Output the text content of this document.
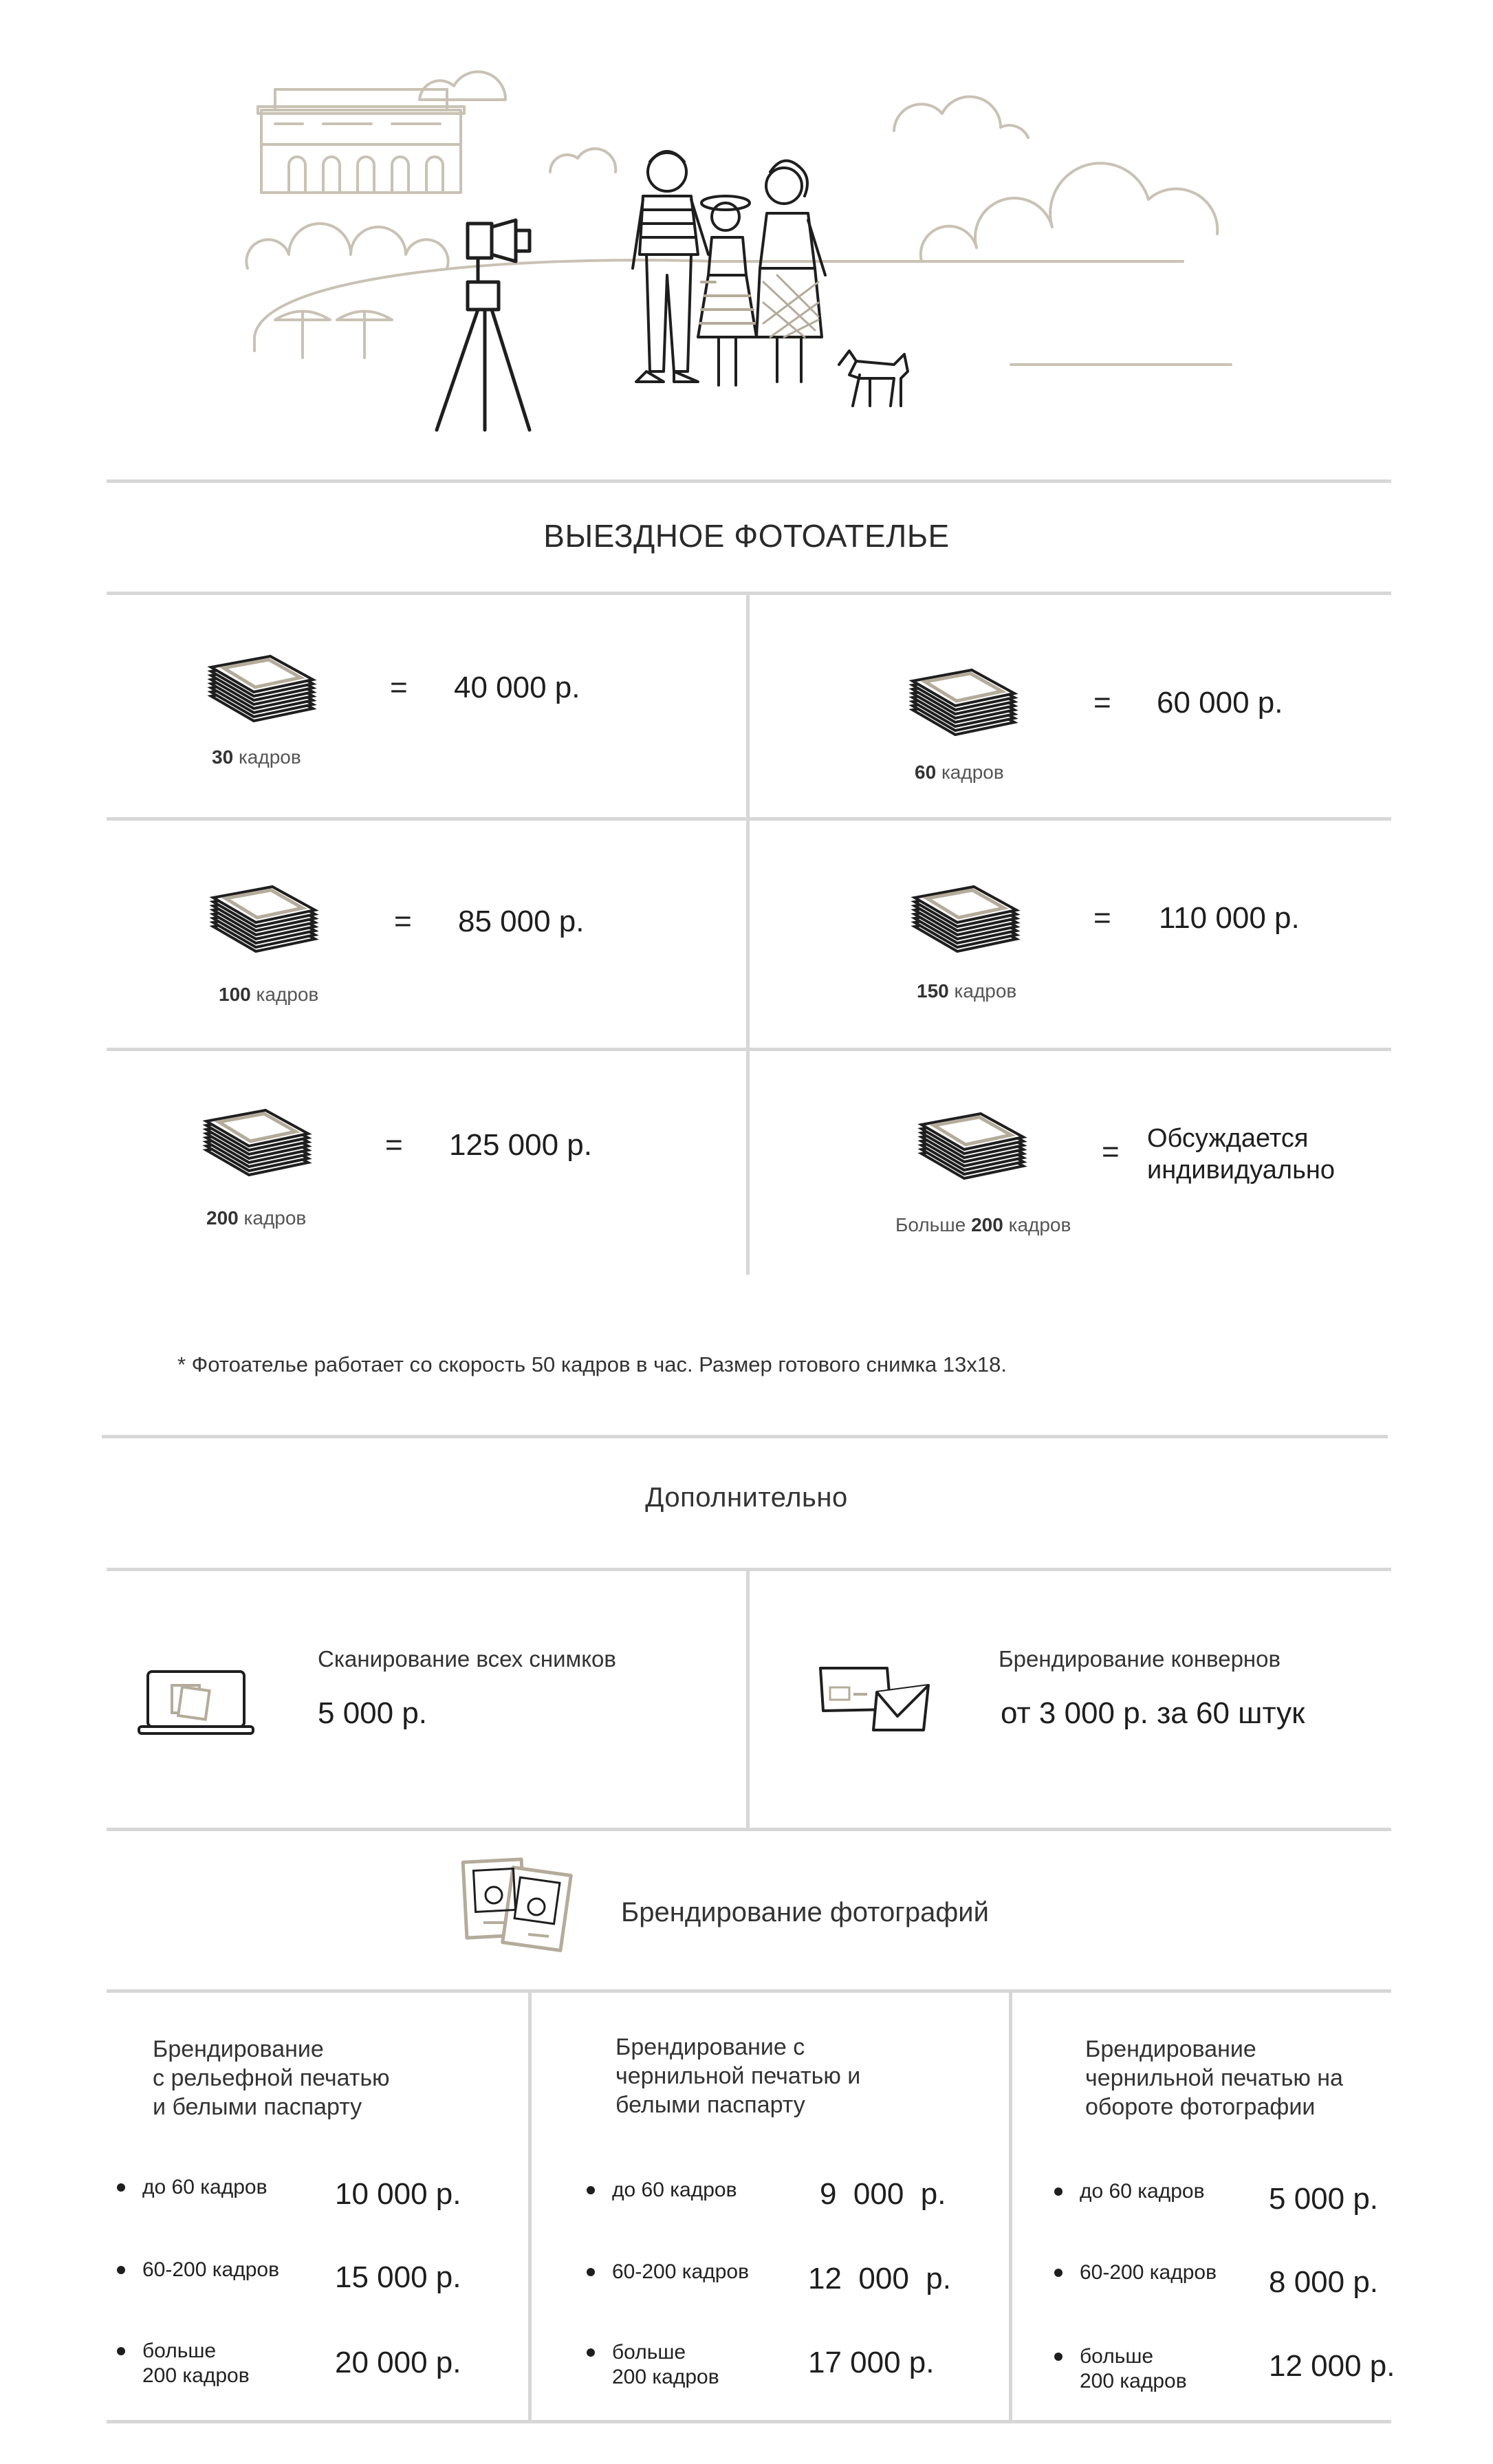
ВЫЕЗДНОЕ ФОТОАТЕЛЬЕ
30 кадров
= 40 000 р.
60 кадров
= 60 000 р.
100 кадров
= 85 000 р.
150 кадров
= 110 000 р.
200 кадров
= 125 000 р.
Больше 200 кадров
= Обсуждается
индивидуально
* Фотоателье работает со скорость 50 кадров в час. Размер готового снимка 13х18.
Дополнительно
Сканирование всех снимков
5 000 р.
Брендирование конвернов
от 3 000 р. за 60 штук
Брендирование фотографий
Брендирование
с рельефной печатью
и белыми паспарту
до 60 кадров 10 000 р.
60-200 кадров 15 000 р.
больше
200 кадров	20 000 р.
Брендирование с
чернильной печатью и
белыми паспарту
до 60 кадров	9  000  р.
60-200 кадров 12  000  р.
больше
200 кадров	17 000 р.
Брендирование
чернильной печатью на
обороте фотографии
до 60 кадров 5 000 р.
60-200 кадров 8 000 р.
больше
200 кадров	12 000 р.
